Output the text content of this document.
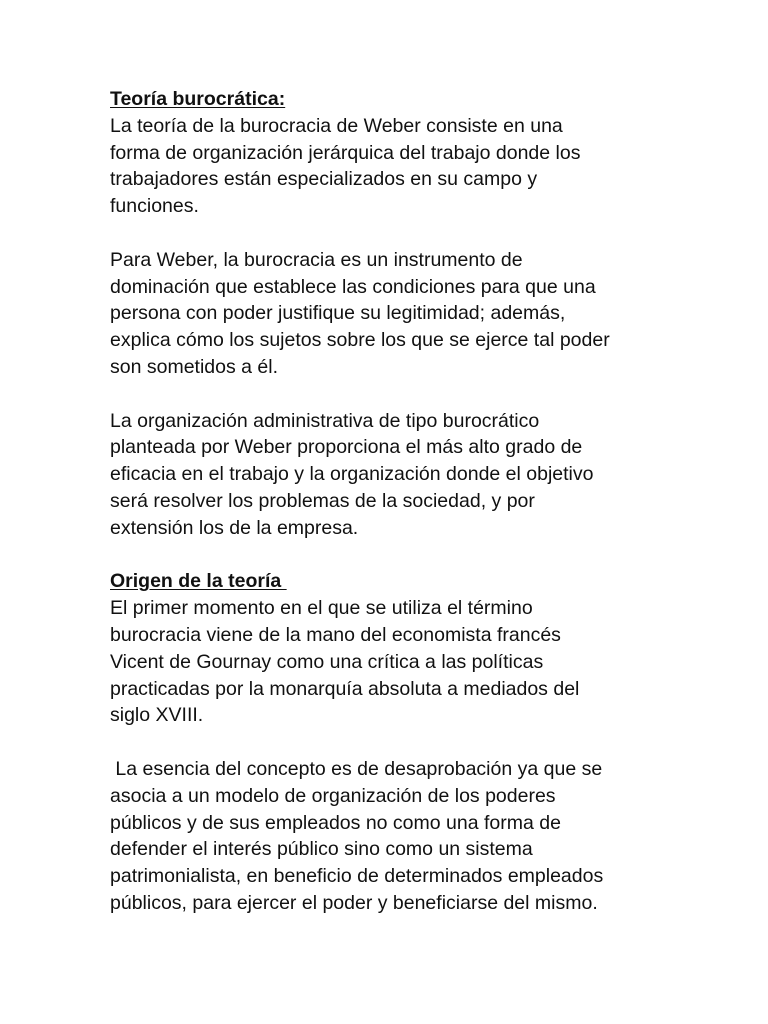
Teoría burocrática:
La teoría de la burocracia de Weber consiste en una
forma de organización jerárquica del trabajo donde los
trabajadores están especializados en su campo y
funciones.
Para Weber, la burocracia es un instrumento de
dominación que establece las condiciones para que una
persona con poder justifique su legitimidad; además,
explica cómo los sujetos sobre los que se ejerce tal poder
son sometidos a él.
La organización administrativa de tipo burocrático
planteada por Weber proporciona el más alto grado de
eficacia en el trabajo y la organización donde el objetivo
será resolver los problemas de la sociedad, y por
extensión los de la empresa.
Origen de la teoría
El primer momento en el que se utiliza el término
burocracia viene de la mano del economista francés
Vicent de Gournay como una crítica a las políticas
practicadas por la monarquía absoluta a mediados del
siglo XVIII.
La esencia del concepto es de desaprobación ya que se
asocia a un modelo de organización de los poderes
públicos y de sus empleados no como una forma de
defender el interés público sino como un sistema
patrimonialista, en beneficio de determinados empleados
públicos, para ejercer el poder y beneficiarse del mismo.
